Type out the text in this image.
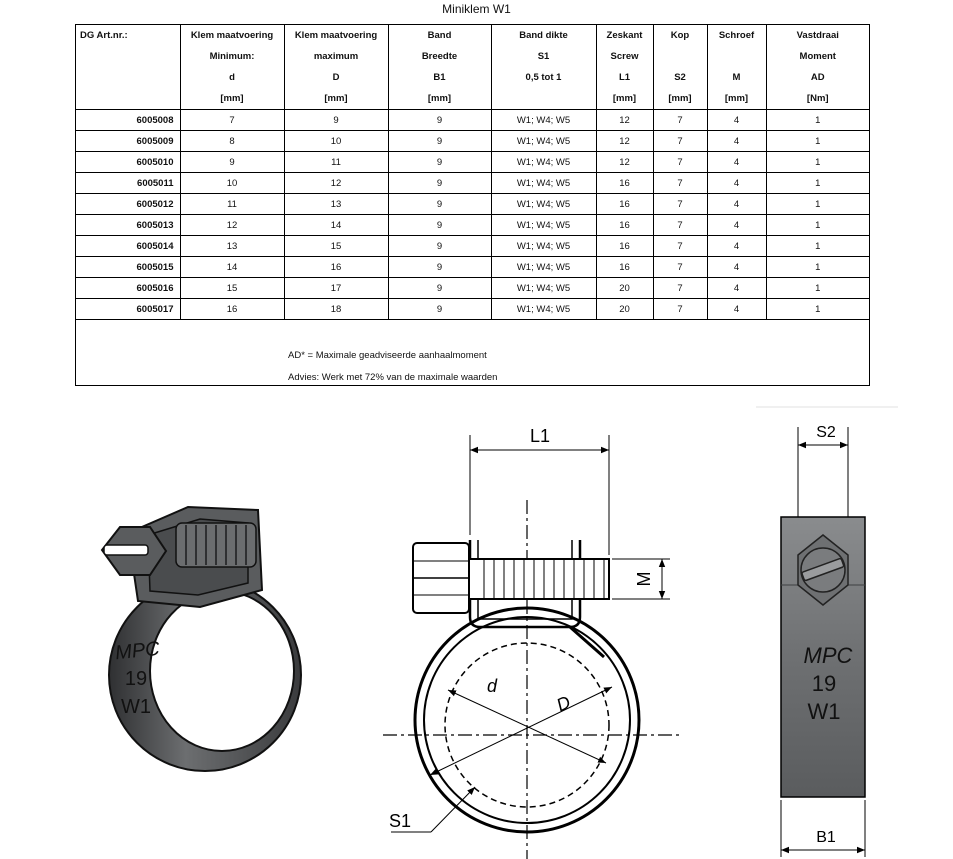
Miniklem W1
DG Art.nr.:	Klem maatvoering
Minimum:
d
[mm]	Klem maatvoering
maximum
D
[mm]	Band
Breedte
B1
[mm]	Band dikte
S1
0,5 tot 1	Zeskant
Screw
L1
[mm]	Kop
S2
[mm]	Schroef
M
[mm]	Vastdraai
Moment
AD
[Nm]

6005008	7	9	9	W1; W4; W5	12	7	4	1
6005009	8	10	9	W1; W4; W5	12	7	4	1
6005010	9	11	9	W1; W4; W5	12	7	4	1
6005011	10	12	9	W1; W4; W5	16	7	4	1
6005012	11	13	9	W1; W4; W5	16	7	4	1
6005013	12	14	9	W1; W4; W5	16	7	4	1
6005014	13	15	9	W1; W4; W5	16	7	4	1
6005015	14	16	9	W1; W4; W5	16	7	4	1
6005016	15	17	9	W1; W4; W5	20	7	4	1
6005017	16	18	9	W1; W4; W5	20	7	4	1
AD* = Maximale geadviseerde aanhaalmoment
Advies: Werk met 72% van de maximale waarden
MPC
19
W1
L1
M
d
D
S1
S2
B1
MPC
19
W1
